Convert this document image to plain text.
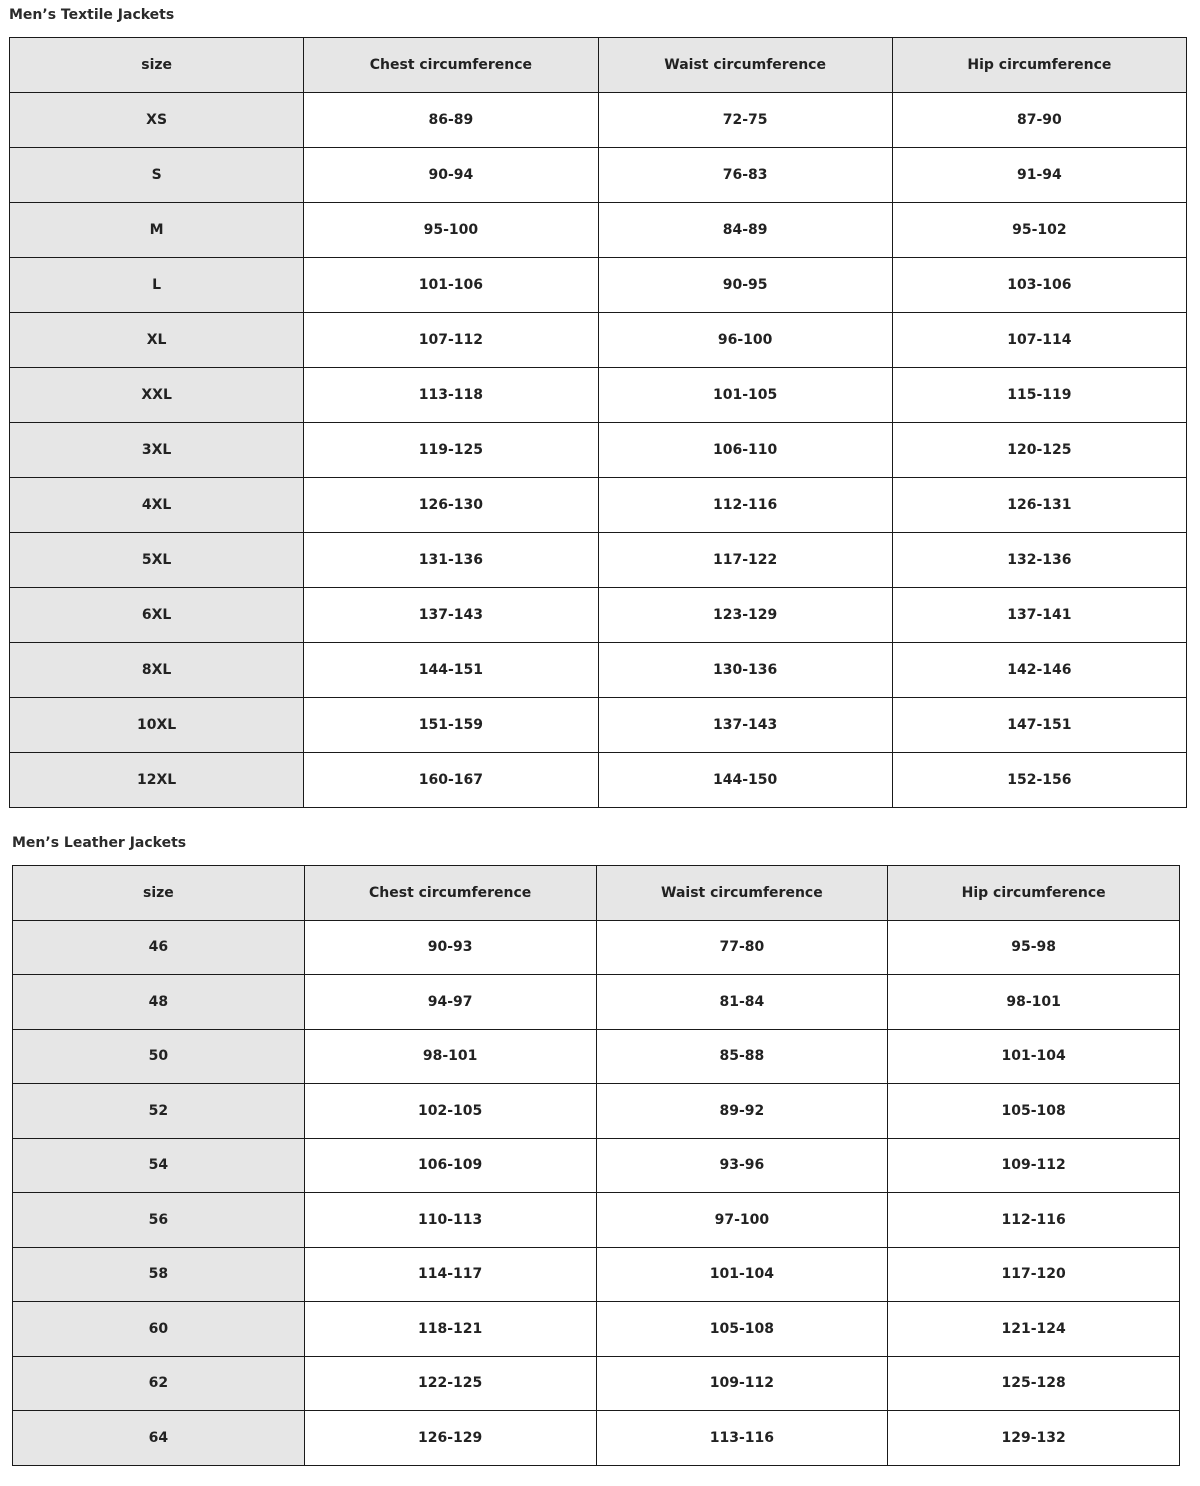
Men’s Textile Jackets
size	Chest circumference	Waist circumference	Hip circumference
XS	86-89	72-75	87-90
S	90-94	76-83	91-94
M	95-100	84-89	95-102
L	101-106	90-95	103-106
XL	107-112	96-100	107-114
XXL	113-118	101-105	115-119
3XL	119-125	106-110	120-125
4XL	126-130	112-116	126-131
5XL	131-136	117-122	132-136
6XL	137-143	123-129	137-141
8XL	144-151	130-136	142-146
10XL	151-159	137-143	147-151
12XL	160-167	144-150	152-156
Men’s Leather Jackets
size	Chest circumference	Waist circumference	Hip circumference
46	90-93	77-80	95-98
48	94-97	81-84	98-101
50	98-101	85-88	101-104
52	102-105	89-92	105-108
54	106-109	93-96	109-112
56	110-113	97-100	112-116
58	114-117	101-104	117-120
60	118-121	105-108	121-124
62	122-125	109-112	125-128
64	126-129	113-116	129-132
